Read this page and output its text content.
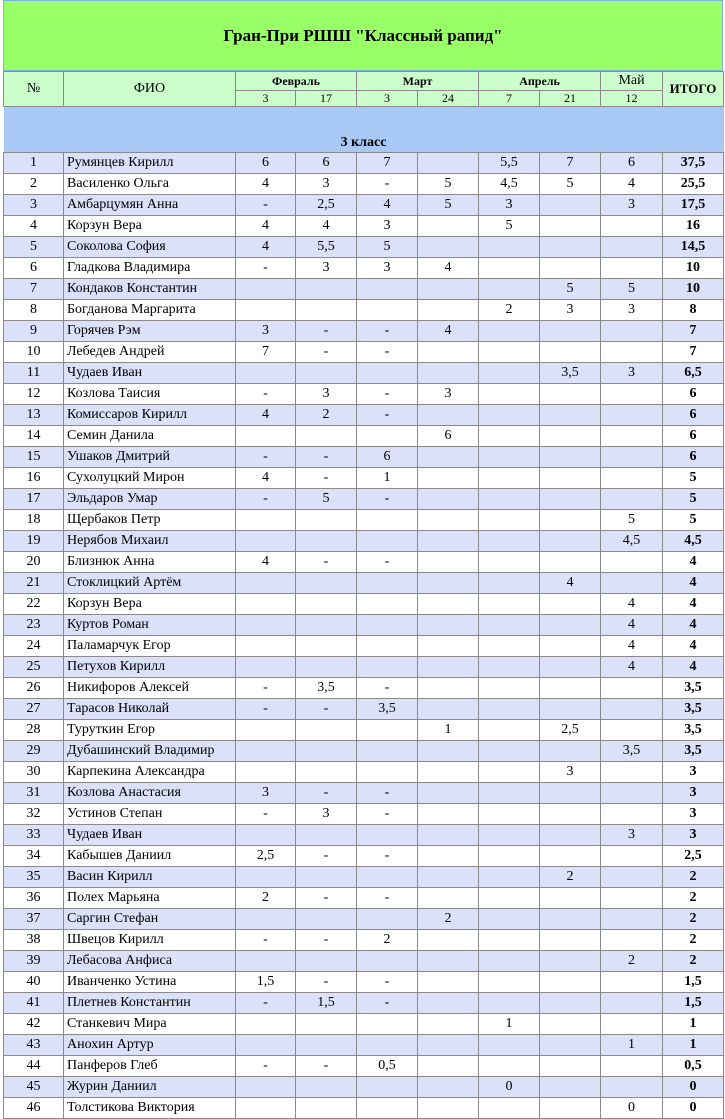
Гран-При РШШ "Классный рапид"
№	ФИО	Февраль		Март		Апрель		Май	ИТОГО
		3	17	3	24	7	21	12	
3 класс									
1	Румянцев Кирилл	6	6	7		5,5	7	6	37,5
2	Василенко Ольга	4	3	-	5	4,5	5	4	25,5
3	Амбарцумян Анна	-	2,5	4	5	3		3	17,5
4	Корзун Вера	4	4	3		5			16
5	Соколова София	4	5,5	5					14,5
6	Гладкова Владимира	-	3	3	4				10
7	Кондаков Константин						5	5	10
8	Богданова Маргарита					2	3	3	8
9	Горячев Рэм	3	-	-	4				7
10	Лебедев Андрей	7	-	-					7
11	Чудаев Иван						3,5	3	6,5
12	Козлова Таисия	-	3	-	3				6
13	Комиссаров Кирилл	4	2	-					6
14	Семин Данила				6				6
15	Ушаков Дмитрий	-	-	6					6
16	Сухолуцкий Мирон	4	-	1					5
17	Эльдаров Умар	-	5	-					5
18	Щербаков Петр							5	5
19	Нерябов Михаил							4,5	4,5
20	Близнюк Анна	4	-	-					4
21	Стоклицкий Артём						4		4
22	Корзун Вера							4	4
23	Куртов Роман							4	4
24	Паламарчук Егор							4	4
25	Петухов Кирилл							4	4
26	Никифоров Алексей	-	3,5	-					3,5
27	Тарасов Николай	-	-	3,5					3,5
28	Туруткин Егор				1		2,5		3,5
29	Дубашинский Владимир							3,5	3,5
30	Карпекина Александра						3		3
31	Козлова Анастасия	3	-	-					3
32	Устинов Степан	-	3	-					3
33	Чудаев Иван							3	3
34	Кабышев Даниил	2,5	-	-					2,5
35	Васин Кирилл						2		2
36	Полех Марьяна	2	-	-					2
37	Саргин Стефан				2				2
38	Швецов Кирилл	-	-	2					2
39	Лебасова Анфиса							2	2
40	Иванченко Устина	1,5	-	-					1,5
41	Плетнев Константин	-	1,5	-					1,5
42	Станкевич Мира					1			1
43	Анохин Артур							1	1
44	Панферов Глеб	-	-	0,5					0,5
45	Журин Даниил					0			0
46	Толстикова Виктория							0	0
